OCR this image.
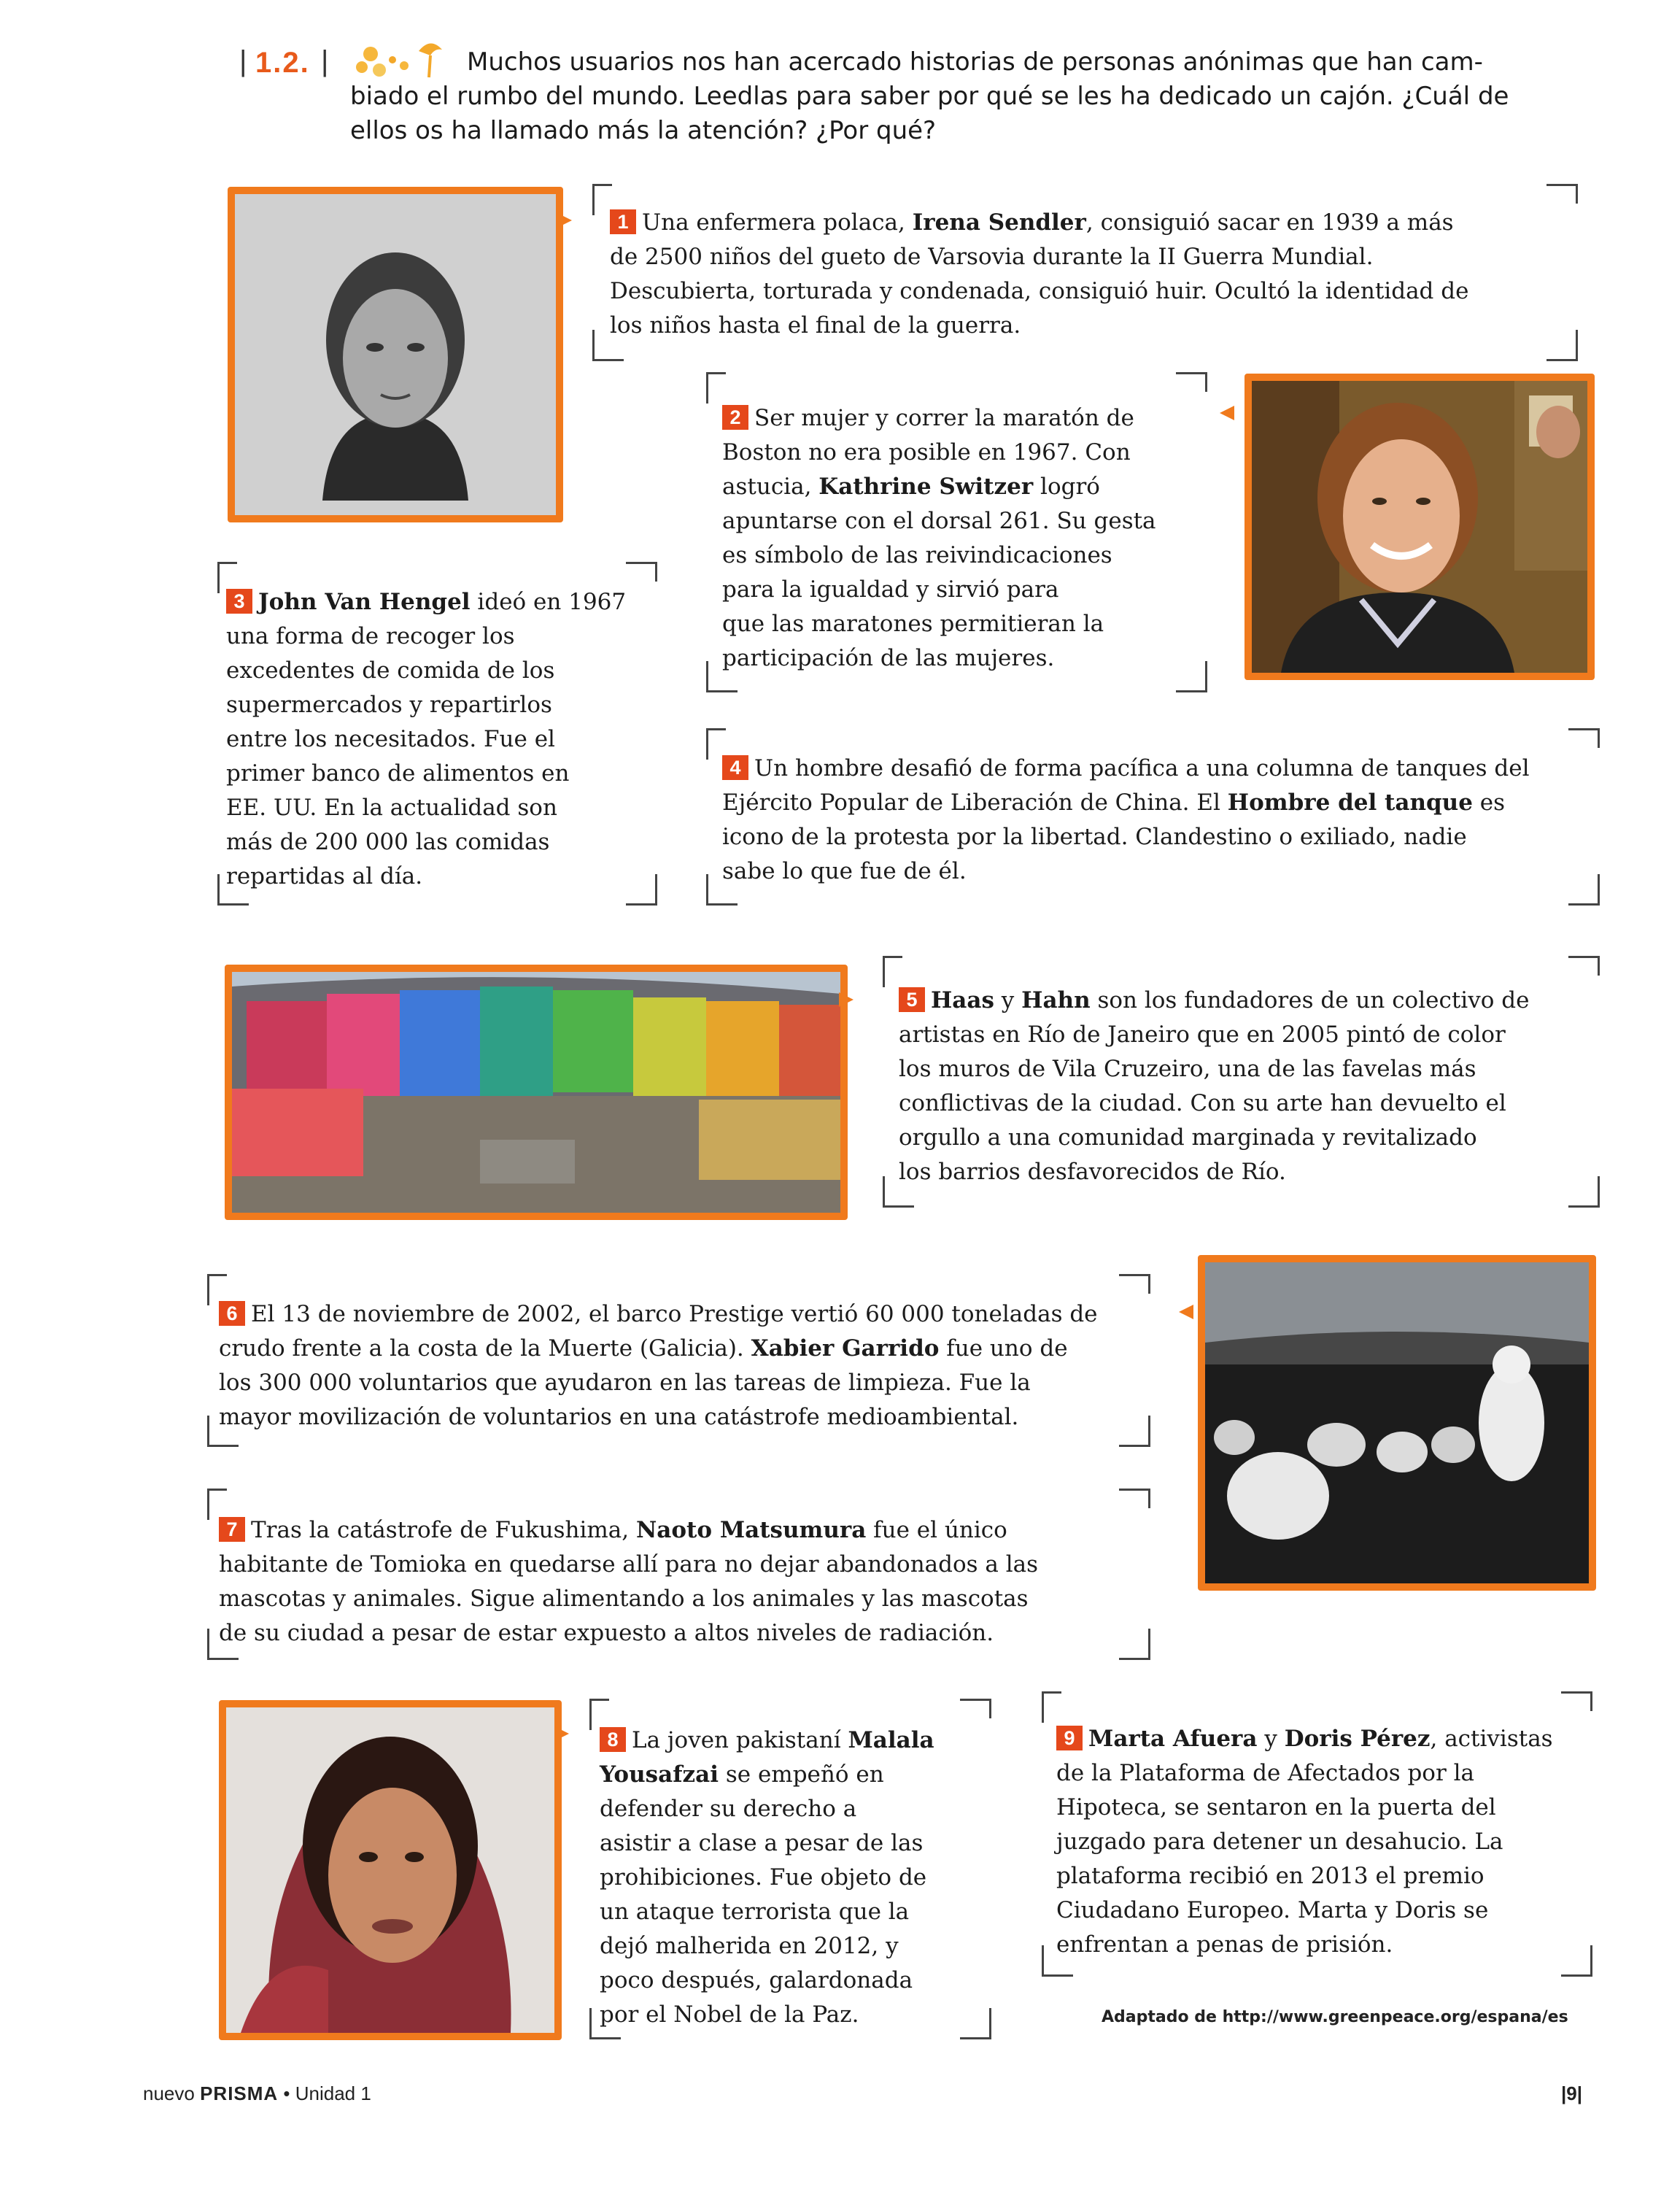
| 1.2. |	Muchos usuarios nos han acercado historias de personas anónimas que han cam-
biado el rumbo del mundo. Leedlas para saber por qué se les ha dedicado un cajón. ¿Cuál de
ellos os ha llamado más la atención? ¿Por qué?
1 Una enfermera polaca, Irena Sendler, consiguió sacar en 1939 a más
de 2500 niños del gueto de Varsovia durante la II Guerra Mundial.
Descubierta, torturada y condenada, consiguió huir. Ocultó la identidad de
los niños hasta el final de la guerra.
2 Ser mujer y correr la maratón de
Boston no era posible en 1967. Con
astucia, Kathrine Switzer logró
apuntarse con el dorsal 261. Su gesta
es símbolo de las reivindicaciones
para la igualdad y sirvió para
que las maratones permitieran la
participación de las mujeres.
3 John Van Hengel ideó en 1967
una forma de recoger los
excedentes de comida de los
supermercados y repartirlos
entre los necesitados. Fue el
primer banco de alimentos en
EE. UU. En la actualidad son
más de 200 000 las comidas
repartidas al día.
4 Un hombre desafió de forma pacífica a una columna de tanques del
Ejército Popular de Liberación de China. El Hombre del tanque es
icono de la protesta por la libertad. Clandestino o exiliado, nadie
sabe lo que fue de él.
5 Haas y Hahn son los fundadores de un colectivo de
artistas en Río de Janeiro que en 2005 pintó de color
los muros de Vila Cruzeiro, una de las favelas más
conflictivas de la ciudad. Con su arte han devuelto el
orgullo a una comunidad marginada y revitalizado
los barrios desfavorecidos de Río.
6 El 13 de noviembre de 2002, el barco Prestige vertió 60 000 toneladas de
crudo frente a la costa de la Muerte (Galicia). Xabier Garrido fue uno de
los 300 000 voluntarios que ayudaron en las tareas de limpieza. Fue la
mayor movilización de voluntarios en una catástrofe medioambiental.
7 Tras la catástrofe de Fukushima, Naoto Matsumura fue el único
habitante de Tomioka en quedarse allí para no dejar abandonados a las
mascotas y animales. Sigue alimentando a los animales y las mascotas
de su ciudad a pesar de estar expuesto a altos niveles de radiación.
8 La joven pakistaní Malala
Yousafzai se empeñó en
defender su derecho a
asistir a clase a pesar de las
prohibiciones. Fue objeto de
un ataque terrorista que la
dejó malherida en 2012, y
poco después, galardonada
por el Nobel de la Paz.
9 Marta Afuera y Doris Pérez, activistas
de la Plataforma de Afectados por la
Hipoteca, se sentaron en la puerta del
juzgado para detener un desahucio. La
plataforma recibió en 2013 el premio
Ciudadano Europeo. Marta y Doris se
enfrentan a penas de prisión.
Adaptado de http://www.greenpeace.org/espana/es
nuevo PRISMA • Unidad 1	|9|
